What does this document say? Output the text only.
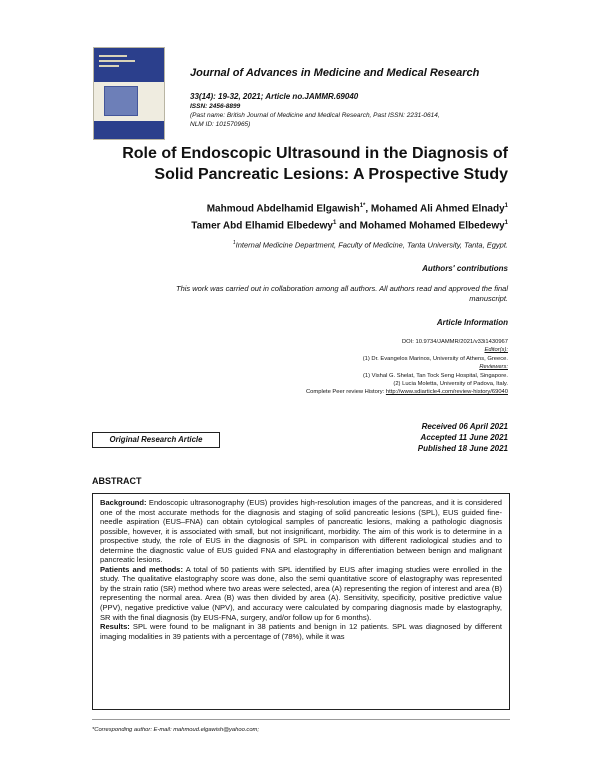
Journal of Advances in Medicine and Medical Research
33(14): 19-32, 2021; Article no.JAMMR.69040
ISSN: 2456-8899
(Past name: British Journal of Medicine and Medical Research, Past ISSN: 2231-0614,
NLM ID: 101570965)
Role of Endoscopic Ultrasound in the Diagnosis of
Solid Pancreatic Lesions: A Prospective Study
Mahmoud Abdelhamid Elgawish$^{1*}$, Mohamed Ali Ahmed Elnady$^1$
Tamer Abd Elhamid Elbedewy$^1$ and Mohamed Mohamed Elbedewy$^1$
$^1$Internal Medicine Department, Faculty of Medicine, Tanta University, Tanta, Egypt.
Authors' contributions
This work was carried out in collaboration among all authors. All authors read and approved the final
manuscript.
Article Information
DOI: 10.9734/JAMMR/2021/v33i1430967
Editor(s):
(1) Dr. Evangelos Marinos, University of Athens, Greece.
Reviewers:
(1) Vishal G. Shelat, Tan Tock Seng Hospital, Singapore.
(2) Lucia Moletta, University of Padova, Italy.
Complete Peer review History: http://www.sdiarticle4.com/review-history/69040
Original Research Article
Received 06 April 2021
Accepted 11 June 2021
Published 18 June 2021
ABSTRACT

Background: Endoscopic ultrasonography (EUS) provides high-resolution images of the pancreas, and it is considered one of the most accurate methods for the diagnosis and staging of solid pancreatic lesions (SPL), EUS guided fine-needle aspiration (EUS–FNA) can obtain cytological samples of pancreatic lesions, making a pathologic diagnosis possible, however, it is associated with small, but not insignificant, morbidity. The aim of this work is to determine in a prospective study, the role of EUS in the diagnosis of SPL in comparison with different radiological studies and to determine the diagnostic value of EUS guided FNA and elastography in differentiation between benign and malignant pancreatic lesions.

Patients and methods: A total of 50 patients with SPL identified by EUS after imaging studies were enrolled in the study. The qualitative elastography score was done, also the semi quantitative score of elastography was represented by the strain ratio (SR) method where two areas were selected, area (A) representing the region of interest and area (B) representing the normal area. Area (B) was then divided by area (A). Sensitivity, specificity, positive predictive value (PPV), negative predictive value (NPV), and accuracy were calculated by comparing diagnosis made by elastography, SR with the final diagnosis (by EUS-FNA, surgery, and/or follow up for 6 months).

Results: SPL were found to be malignant in 38 patients and benign in 12 patients. SPL was diagnosed by different imaging modalities in 39 patients with a percentage of (78%), while it was

*Corresponding author: E-mail: mahmoud.elgawish@yahoo.com;
